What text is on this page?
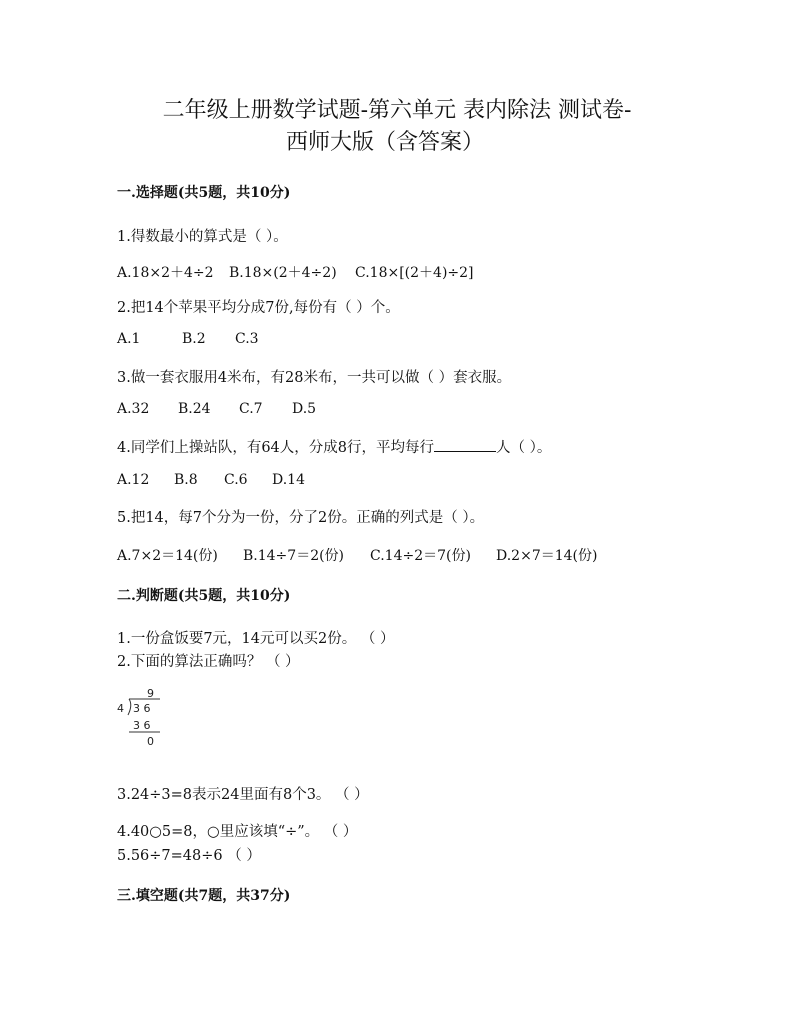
二年级上册数学试题-第六单元 表内除法 测试卷-
西师大版（含答案）
一.选择题(共5题，共10分)
1.得数最小的算式是（ ）。
A.18×2＋4÷2 B.18×(2＋4÷2) C.18×[(2＋4)÷2]
2.把14个苹果平均分成7份,每份有（ ）个。
A.1	B.2 C.3
3.做一套衣服用4米布，有28米布，一共可以做（ ）套衣服。
A.32 B.24 C.7 D.5
4.同学们上操站队，有64人，分成8行，平均每行	人（ ）。
A.12 B.8 C.6 D.14
5.把14，每7个分为一份，分了2份。正确的列式是（ ）。
A.7×2＝14(份) B.14÷7＝2(份) C.14÷2＝7(份) D.2×7＝14(份)
二.判断题(共5题，共10分)
1.一份盒饭要7元，14元可以买2份。 （ ）
2.下面的算法正确吗？ （ ）
9
4 3 6
3 6
0
3.24÷3=8表示24里面有8个3。 （ ）
4.40○5=8，○里应该填“÷”。 （ ）
5.56÷7=48÷6 （ ）
三.填空题(共7题，共37分)
